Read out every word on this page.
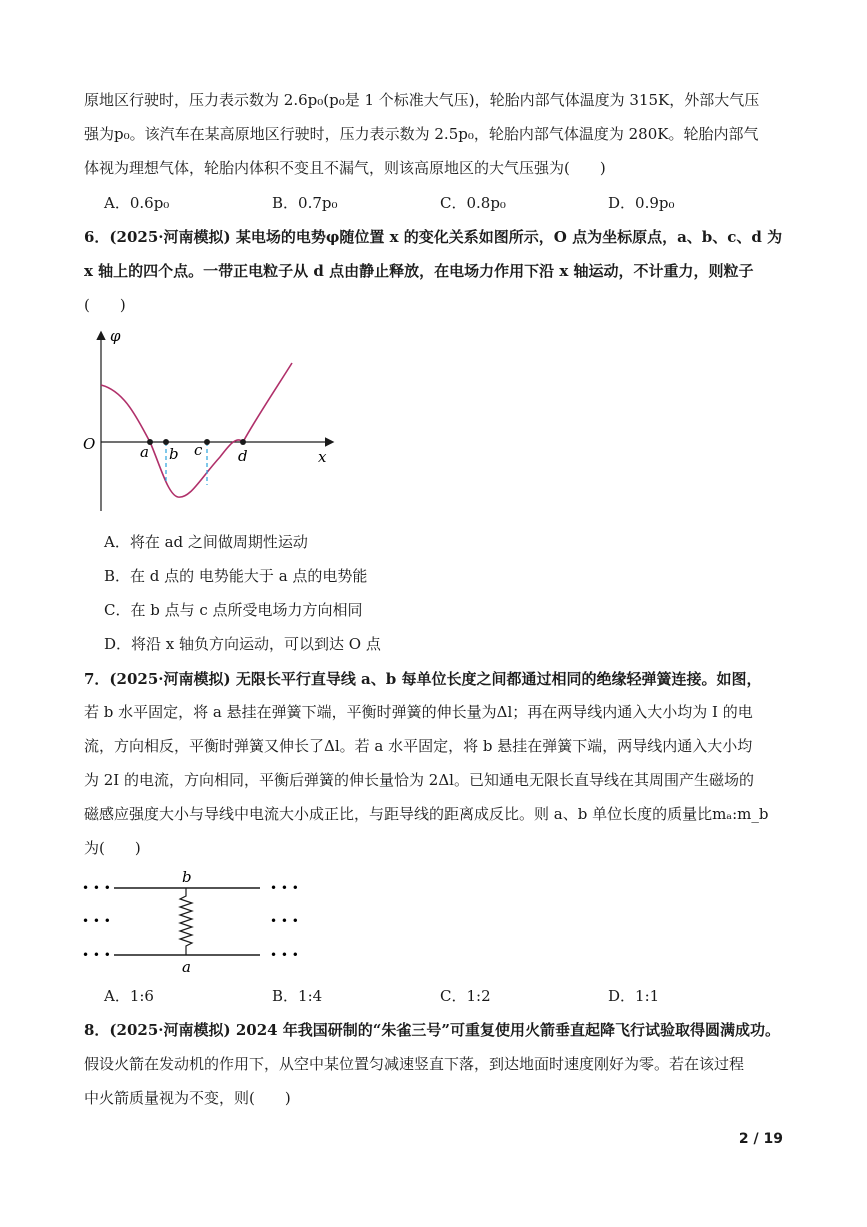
原地区行驶时，压力表示数为 2.6p₀(p₀是 1 个标准大气压)，轮胎内部气体温度为 315K，外部大气压
强为p₀。该汽车在某高原地区行驶时，压力表示数为 2.5p₀，轮胎内部气体温度为 280K。轮胎内部气
体视为理想气体，轮胎内体积不变且不漏气，则该高原地区的大气压强为(　　)
A．0.6p₀	B．0.7p₀	C．0.8p₀	D．0.9p₀
6．(2025·河南模拟) 某电场的电势φ随位置 x 的变化关系如图所示，O 点为坐标原点，a、b、c、d 为
x 轴上的四个点。一带正电粒子从 d 点由静止释放，在电场力作用下沿 x 轴运动，不计重力，则粒子
(　　)
φ
x
O	a b c d
A．将在 ad 之间做周期性运动
B．在 d 点的 电势能大于 a 点的电势能
C．在 b 点与 c 点所受电场力方向相同
D．将沿 x 轴负方向运动，可以到达 O 点
7．(2025·河南模拟) 无限长平行直导线 a、b 每单位长度之间都通过相同的绝缘轻弹簧连接。如图，
若 b 水平固定，将 a 悬挂在弹簧下端，平衡时弹簧的伸长量为Δl；再在两导线内通入大小均为 I 的电
流，方向相反，平衡时弹簧又伸长了Δl。若 a 水平固定，将 b 悬挂在弹簧下端，两导线内通入大小均
为 2I 的电流，方向相同，平衡后弹簧的伸长量恰为 2Δl。已知通电无限长直导线在其周围产生磁场的
磁感应强度大小与导线中电流大小成正比，与距导线的距离成反比。则 a、b 单位长度的质量比mₐ:m_b
为(　　)
b
a
• • •
• • •
• • •
• • •
• • •
• • •
A．1:6	B．1:4	C．1:2	D．1:1
8．(2025·河南模拟) 2024 年我国研制的“朱雀三号”可重复使用火箭垂直起降飞行试验取得圆满成功。
假设火箭在发动机的作用下，从空中某位置匀减速竖直下落，到达地面时速度刚好为零。若在该过程
中火箭质量视为不变，则(　　)
2 / 19
